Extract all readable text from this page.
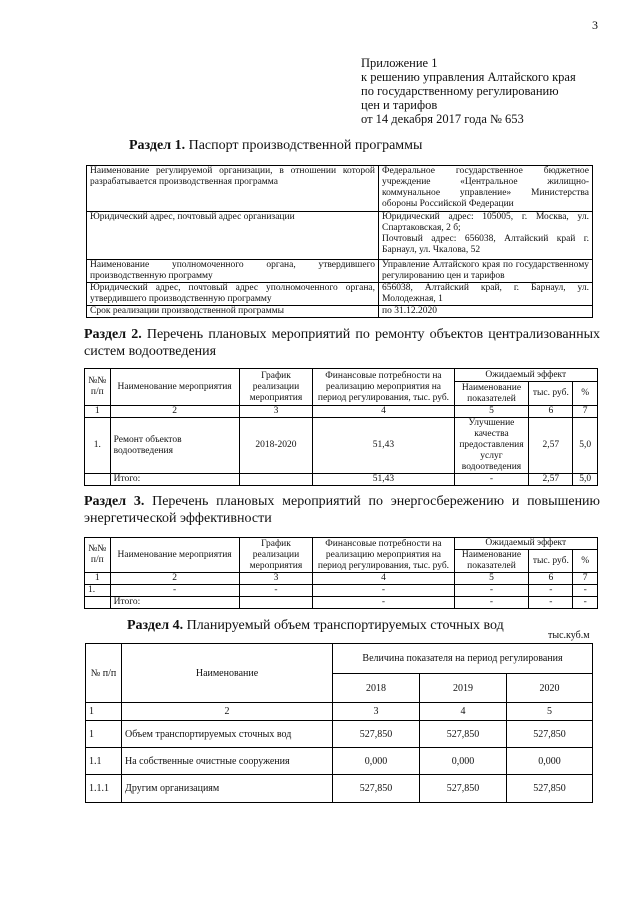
3
Приложение 1
к решению управления Алтайского края
по государственному регулированию
цен и тарифов
от 14 декабря 2017 года № 653
Раздел 1. Паспорт производственной программы
Наименование регулируемой организации, в отношении которой разрабатывается производственная программа	Федеральное государственное бюджетное учреждение «Центральное жилищно-коммунальное управление» Министерства обороны Российской Федерации
Юридический адрес, почтовый адрес организации	Юридический адрес: 105005, г. Москва, ул. Спартаковская, 2 б;
Почтовый адрес: 656038, Алтайский край г. Барнаул, ул. Чкалова, 52

Наименование уполномоченного органа, утвердившего производственную программу	Управление Алтайского края по государственному регулированию цен и тарифов
Юридический адрес, почтовый адрес уполномоченного органа, утвердившего производственную программу	656038, Алтайский край, г. Барнаул, ул. Молодежная, 1
Срок реализации производственной программы	по 31.12.2020
Раздел 2. Перечень плановых мероприятий по ремонту объектов централизованных систем водоотведения
№№ п/п	Наименование мероприятия	График реализации мероприятия	Финансовые потребности на реализацию мероприятия на период регулирования, тыс. руб.	Ожидаемый эффект		
				Наименование показателей	тыс. руб.	%
1	2	3	4	5	6	7
1.	Ремонт объектов водоотведения	2018-2020	51,43	Улучшение качества предоставления услуг водоотведения	2,57	5,0
	Итого:		51,43	-	2,57	5,0
Раздел 3. Перечень плановых мероприятий по энергосбережению и повышению энергетической эффективности
№№ п/п	Наименование мероприятия	График реализации мероприятия	Финансовые потребности на реализацию мероприятия на период регулирования, тыс. руб.	Ожидаемый эффект		
				Наименование показателей	тыс. руб.	%
1	2	3	4	5	6	7
1.	-	-	-	-	-	-
	Итого:		-	-	-	-
Раздел 4. Планируемый объем транспортируемых сточных вод
тыс.куб.м
№ п/п	Наименование	Величина показателя на период регулирования		
		2018	2019	2020
1	2	3	4	5
1	Объем транспортируемых сточных вод	527,850	527,850	527,850
1.1	На собственные очистные сооружения	0,000	0,000	0,000
1.1.1	Другим организациям	527,850	527,850	527,850
